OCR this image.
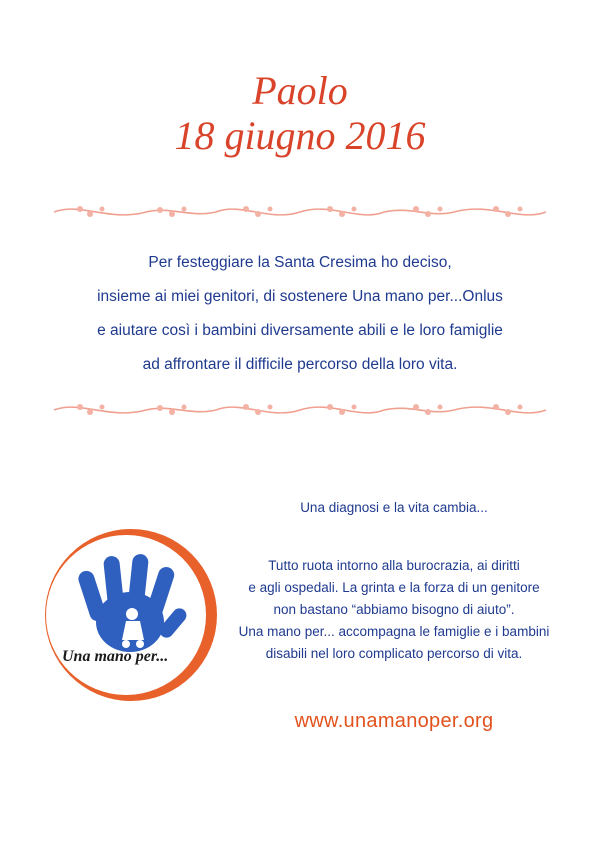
Paolo
18 giugno 2016

Per festeggiare la Santa Cresima ho deciso,

insieme ai miei genitori, di sostenere Una mano per...Onlus

e aiutare così i bambini diversamente abili e le loro famiglie

ad affrontare il difficile percorso della loro vita.

Una mano per...
Una diagnosi e la vita cambia...

Tutto ruota intorno alla burocrazia, ai diritti

e agli ospedali. La grinta e la forza di un genitore

non bastano “abbiamo bisogno di aiuto”.

Una mano per... accompagna le famiglie e i bambini

disabili nel loro complicato percorso di vita.

www.unamanoper.org
